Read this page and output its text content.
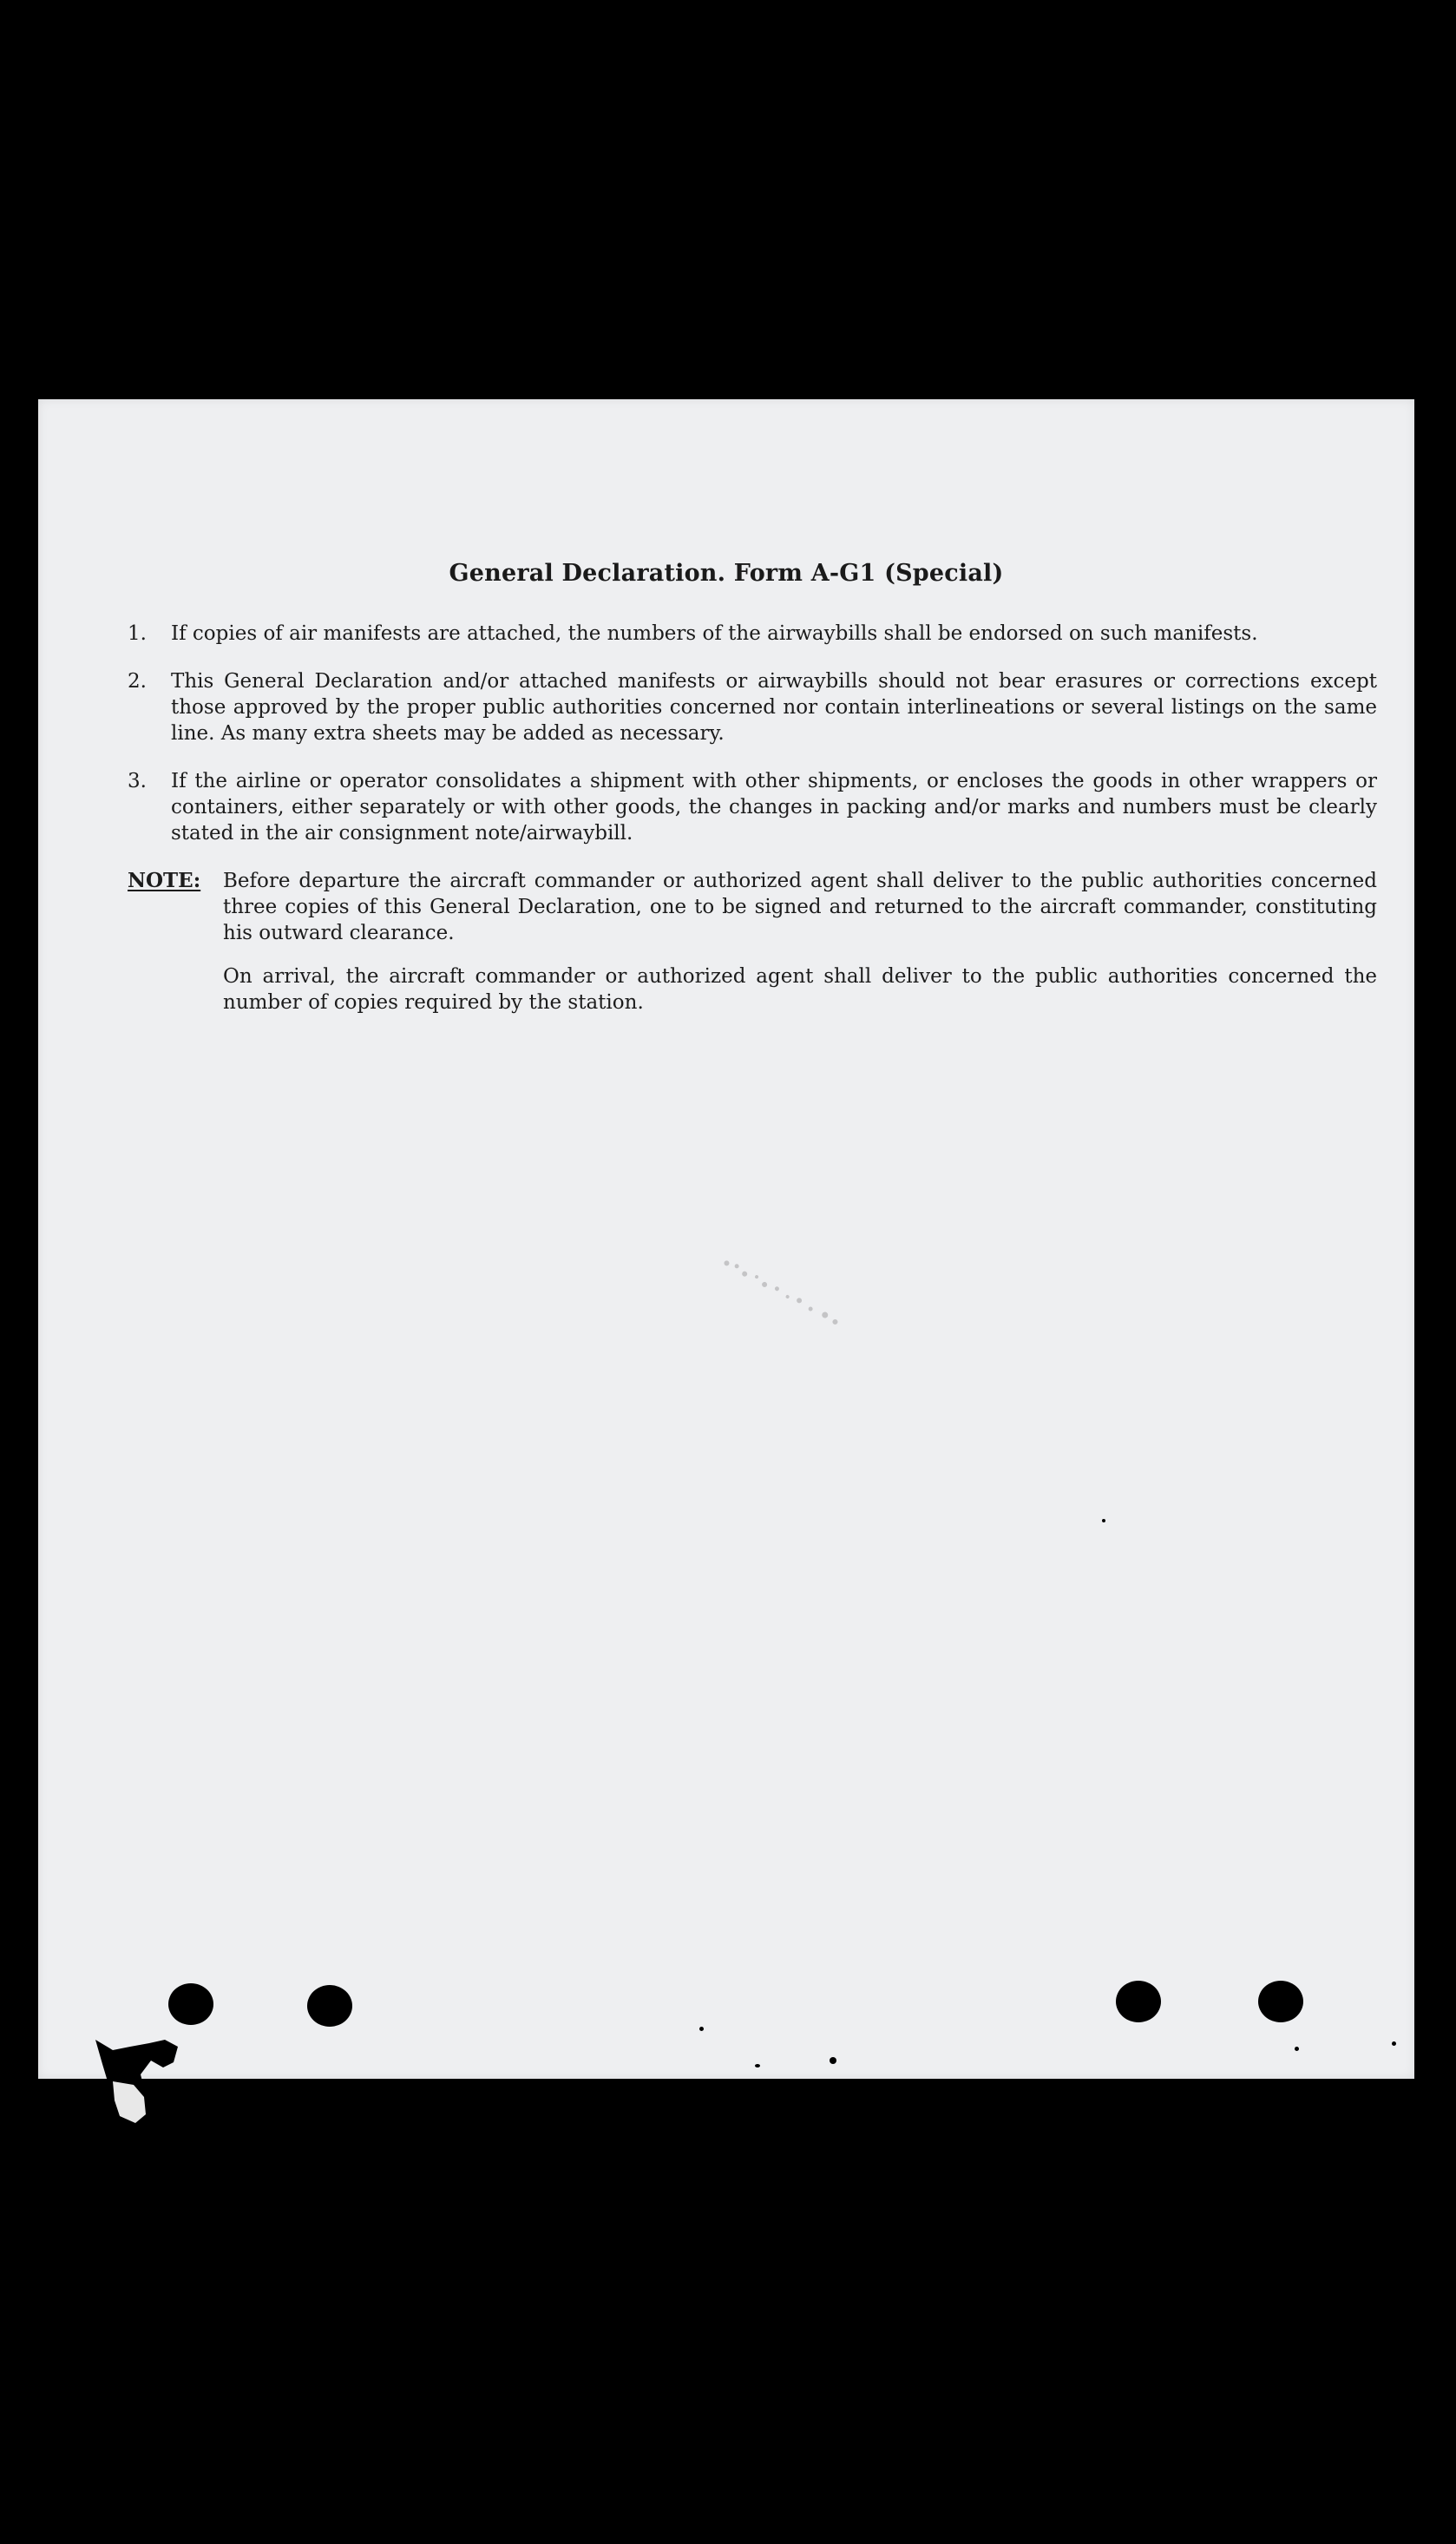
General Declaration. Form A-G1 (Special)
1.	If copies of air manifests are attached, the numbers of the airwaybills shall be endorsed on such manifests.
2.	This General Declaration and/or attached manifests or airwaybills should not bear erasures or corrections except those approved by the proper public authorities concerned nor contain interlineations or several listings on the same line. As many extra sheets may be added as necessary.
3.	If the airline or operator consolidates a shipment with other shipments, or encloses the goods in other wrappers or containers, either separately or with other goods, the changes in packing and/or marks and numbers must be clearly stated in the air consignment note/airwaybill.
NOTE: Before departure the aircraft commander or authorized agent shall deliver to the public authorities concerned three copies of this General Declaration, one to be signed and returned to the aircraft commander, constituting his outward clearance.
On arrival, the aircraft commander or authorized agent shall deliver to the public authorities concerned the number of copies required by the station.
